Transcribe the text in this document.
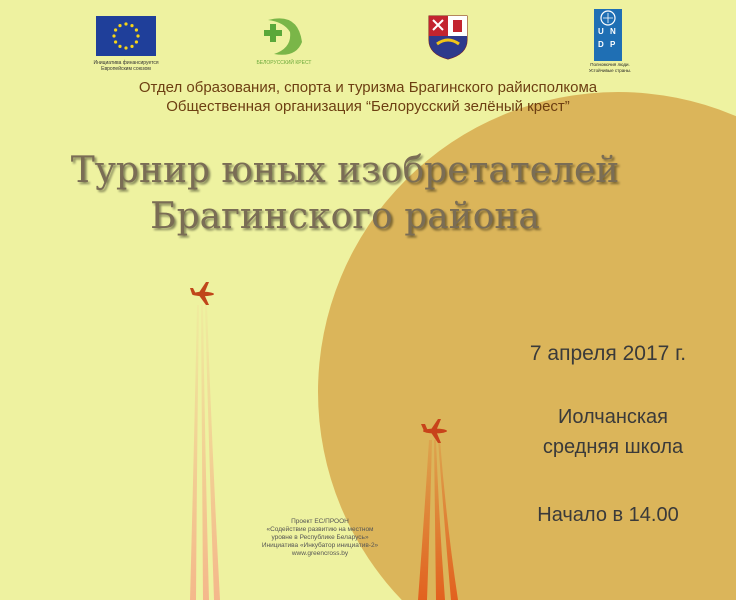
Инициатива финансируется Европейским союзом
БЕЛОРУССКИЙ КРЕСТ
U N
D P
Полномочия люди. Устойчивые страны.
Отдел образования, спорта и туризма Брагинского райисполкома
Общественная организация “Белорусский зелёный крест”
Турнир юных изобретателей
Брагинского района
7 апреля 2017 г.
Иолчанская
средняя школа
Начало в 14.00
Проект ЕС/ПРООН
«Содействие развитию на местном
уровне в Республике Беларусь»
Инициатива «Инкубатор инициатив-2»
www.greencross.by
